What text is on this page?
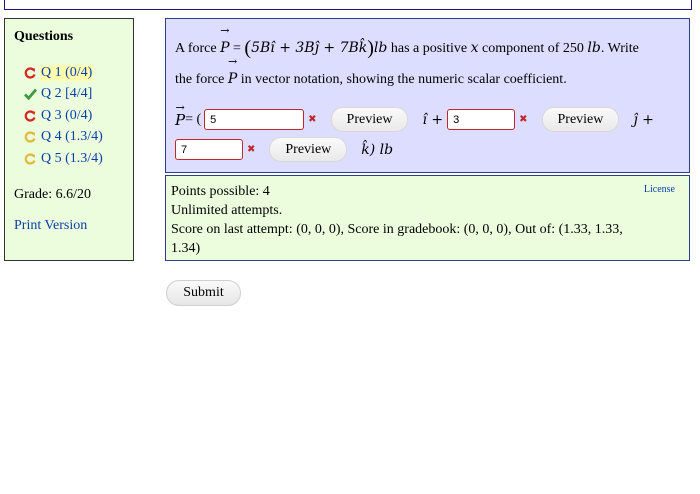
Questions
Q 1 (0/4)
Q 2 [4/4]
Q 3 (0/4)
Q 4 (1.3/4)
Q 5 (1.3/4)
Grade: 6.6/20
Print Version
A force
→
P = (5Bî + 3Bĵ + 7Bk̂)lb has a positive x component of 250 lb. Write
the force
→
P in vector notation, showing the numeric scalar coefficient.
→
P = (
5	✖	Preview	î +
3	✖	Preview	ĵ +
7
✖	Preview	k̂) lb
License
Points possible: 4
Unlimited attempts.
Score on last attempt: (0, 0, 0), Score in gradebook: (0, 0, 0), Out of: (1.33, 1.33, 1.34)
Submit
